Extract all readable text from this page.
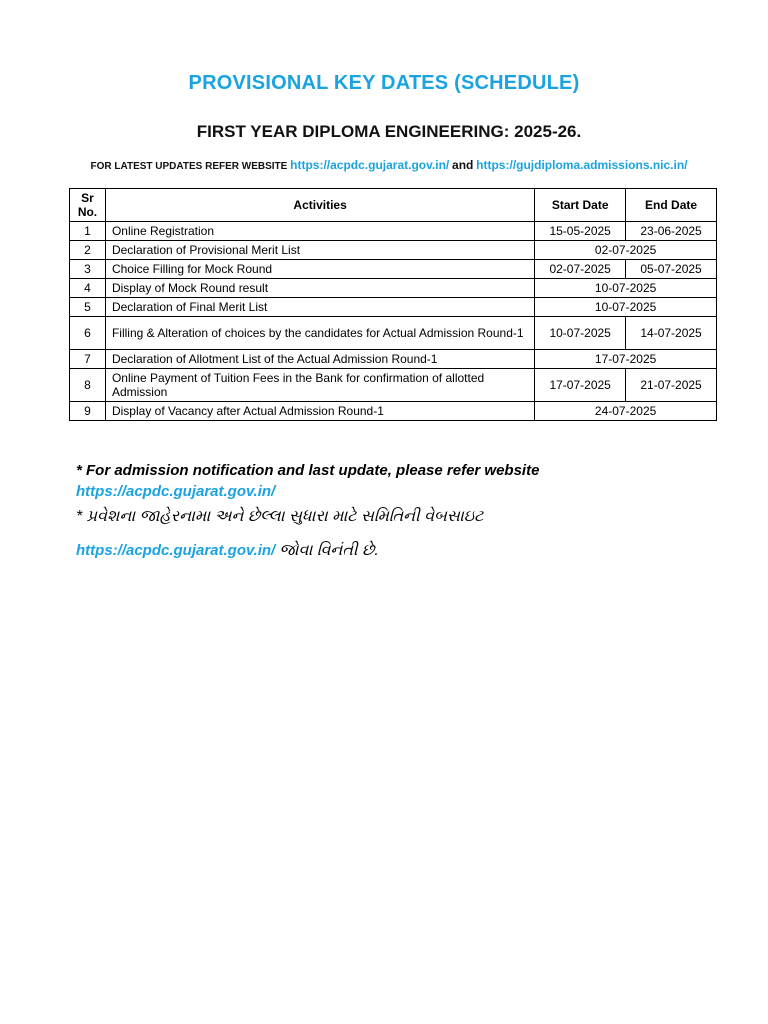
PROVISIONAL KEY DATES (SCHEDULE)
FIRST YEAR DIPLOMA ENGINEERING: 2025-26.
FOR LATEST UPDATES REFER WEBSITE https://acpdc.gujarat.gov.in/ and https://gujdiploma.admissions.nic.in/
Sr No.	Activities	Start Date	End Date
1	Online Registration	15-05-2025	23-06-2025
2	Declaration of Provisional Merit List	02-07-2025	
3	Choice Filling for Mock Round	02-07-2025	05-07-2025
4	Display of Mock Round result	10-07-2025	
5	Declaration of Final Merit List	10-07-2025	
6	Filling & Alteration of choices by the candidates for Actual Admission Round-1	10-07-2025	14-07-2025
7	Declaration of Allotment List of the Actual Admission Round-1	17-07-2025	
8	Online Payment of Tuition Fees in the Bank for confirmation of allotted Admission	17-07-2025	21-07-2025
9	Display of Vacancy after Actual Admission Round-1	24-07-2025	
* For admission notification and last update, please refer website
https://acpdc.gujarat.gov.in/
* પ્રવેશના જાહેરનામા અને છેલ્લા સુધારા માટે સમિતિની વેબસાઇટ
https://acpdc.gujarat.gov.in/ જોવા વિનંતી છે.
